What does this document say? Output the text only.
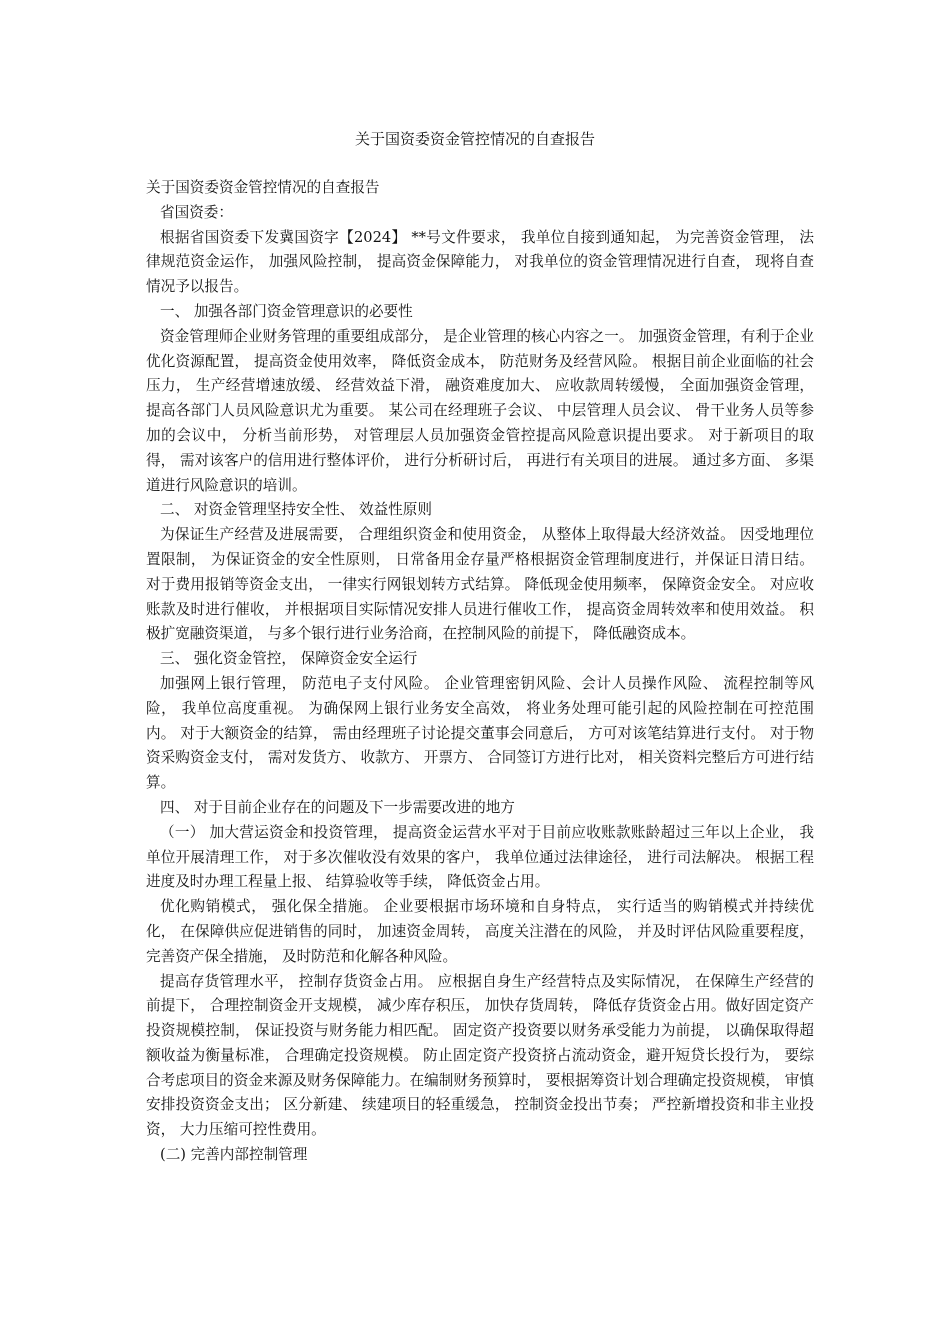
关于国资委资金管控情况的自查报告

关于国资委资金管控情况的自查报告

省国资委：

根据省国资委下发冀国资字【2024】 **号文件要求， 我单位自接到通知起， 为完善资金管理， 法律规范资金运作， 加强风险控制， 提高资金保障能力， 对我单位的资金管理情况进行自查， 现将自查情况予以报告。

一、 加强各部门资金管理意识的必要性

资金管理师企业财务管理的重要组成部分， 是企业管理的核心内容之一。 加强资金管理，有利于企业优化资源配置， 提高资金使用效率， 降低资金成本， 防范财务及经营风险。 根据目前企业面临的社会压力， 生产经营增速放缓、 经营效益下滑， 融资难度加大、 应收款周转缓慢， 全面加强资金管理， 提高各部门人员风险意识尤为重要。 某公司在经理班子会议、 中层管理人员会议、 骨干业务人员等参加的会议中， 分析当前形势， 对管理层人员加强资金管控提高风险意识提出要求。 对于新项目的取得， 需对该客户的信用进行整体评价， 进行分析研讨后， 再进行有关项目的进展。 通过多方面、 多渠道进行风险意识的培训。

二、 对资金管理坚持安全性、 效益性原则

为保证生产经营及进展需要， 合理组织资金和使用资金， 从整体上取得最大经济效益。 因受地理位置限制， 为保证资金的安全性原则， 日常备用金存量严格根据资金管理制度进行，并保证日清日结。 对于费用报销等资金支出， 一律实行网银划转方式结算。 降低现金使用频率， 保障资金安全。 对应收账款及时进行催收， 并根据项目实际情况安排人员进行催收工作， 提高资金周转效率和使用效益。 积极扩宽融资渠道， 与多个银行进行业务洽商，在控制风险的前提下， 降低融资成本。

三、 强化资金管控， 保障资金安全运行

加强网上银行管理， 防范电子支付风险。 企业管理密钥风险、会计人员操作风险、 流程控制等风险， 我单位高度重视。 为确保网上银行业务安全高效， 将业务处理可能引起的风险控制在可控范围内。 对于大额资金的结算， 需由经理班子讨论提交董事会同意后， 方可对该笔结算进行支付。 对于物资采购资金支付， 需对发货方、 收款方、 开票方、 合同签订方进行比对， 相关资料完整后方可进行结算。

四、 对于目前企业存在的问题及下一步需要改进的地方

（一） 加大营运资金和投资管理， 提高资金运营水平对于目前应收账款账龄超过三年以上企业， 我单位开展清理工作， 对于多次催收没有效果的客户， 我单位通过法律途径， 进行司法解决。 根据工程进度及时办理工程量上报、 结算验收等手续， 降低资金占用。

优化购销模式， 强化保全措施。 企业要根据市场环境和自身特点， 实行适当的购销模式并持续优化， 在保障供应促进销售的同时， 加速资金周转， 高度关注潜在的风险， 并及时评估风险重要程度， 完善资产保全措施， 及时防范和化解各种风险。

提高存货管理水平， 控制存货资金占用。 应根据自身生产经营特点及实际情况， 在保障生产经营的前提下， 合理控制资金开支规模， 减少库存积压， 加快存货周转， 降低存货资金占用。做好固定资产投资规模控制， 保证投资与财务能力相匹配。 固定资产投资要以财务承受能力为前提， 以确保取得超额收益为衡量标准， 合理确定投资规模。 防止固定资产投资挤占流动资金，避开短贷长投行为， 要综合考虑项目的资金来源及财务保障能力。在编制财务预算时， 要根据筹资计划合理确定投资规模， 审慎安排投资资金支出； 区分新建、 续建项目的轻重缓急， 控制资金投出节奏； 严控新增投资和非主业投资， 大力压缩可控性费用。

(二) 完善内部控制管理
